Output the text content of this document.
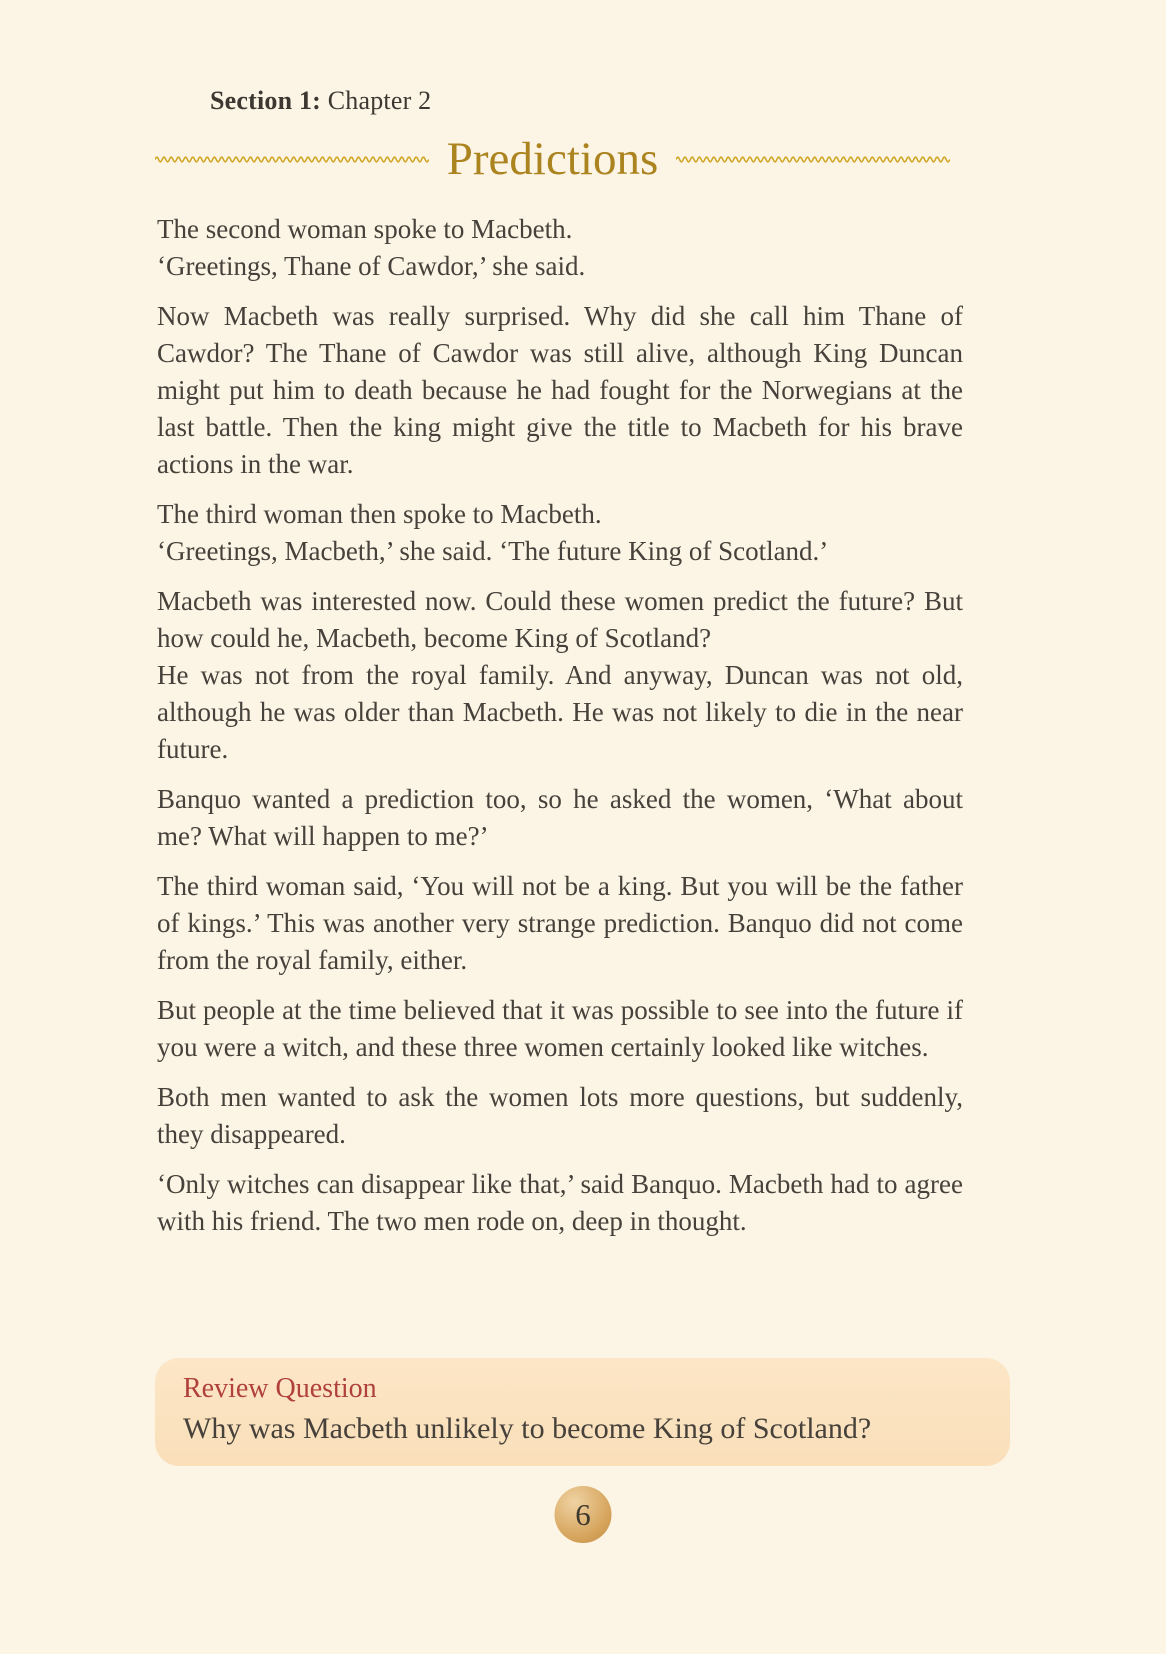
Section 1: Chapter 2
Predictions

The second woman spoke to Macbeth.
‘Greetings, Thane of Cawdor,’ she said.

Now Macbeth was really surprised. Why did she call him Thane of Cawdor? The Thane of Cawdor was still alive, although King Duncan might put him to death because he had fought for the Norwegians at the last battle. Then the king might give the title to Macbeth for his brave actions in the war.

The third woman then spoke to Macbeth.
‘Greetings, Macbeth,’ she said. ‘The future King of Scotland.’

Macbeth was interested now. Could these women predict the future? But how could he, Macbeth, become King of Scotland?
He was not from the royal family. And anyway, Duncan was not old, although he was older than Macbeth. He was not likely to die in the near future.

Banquo wanted a prediction too, so he asked the women, ‘What about me? What will happen to me?’

The third woman said, ‘You will not be a king. But you will be the father of kings.’ This was another very strange prediction. Banquo did not come from the royal family, either.

But people at the time believed that it was possible to see into the future if you were a witch, and these three women certainly looked like witches.

Both men wanted to ask the women lots more questions, but suddenly, they disappeared.

‘Only witches can disappear like that,’ said Banquo. Macbeth had to agree with his friend. The two men rode on, deep in thought.

Review Question
Why was Macbeth unlikely to become King of Scotland?
6
